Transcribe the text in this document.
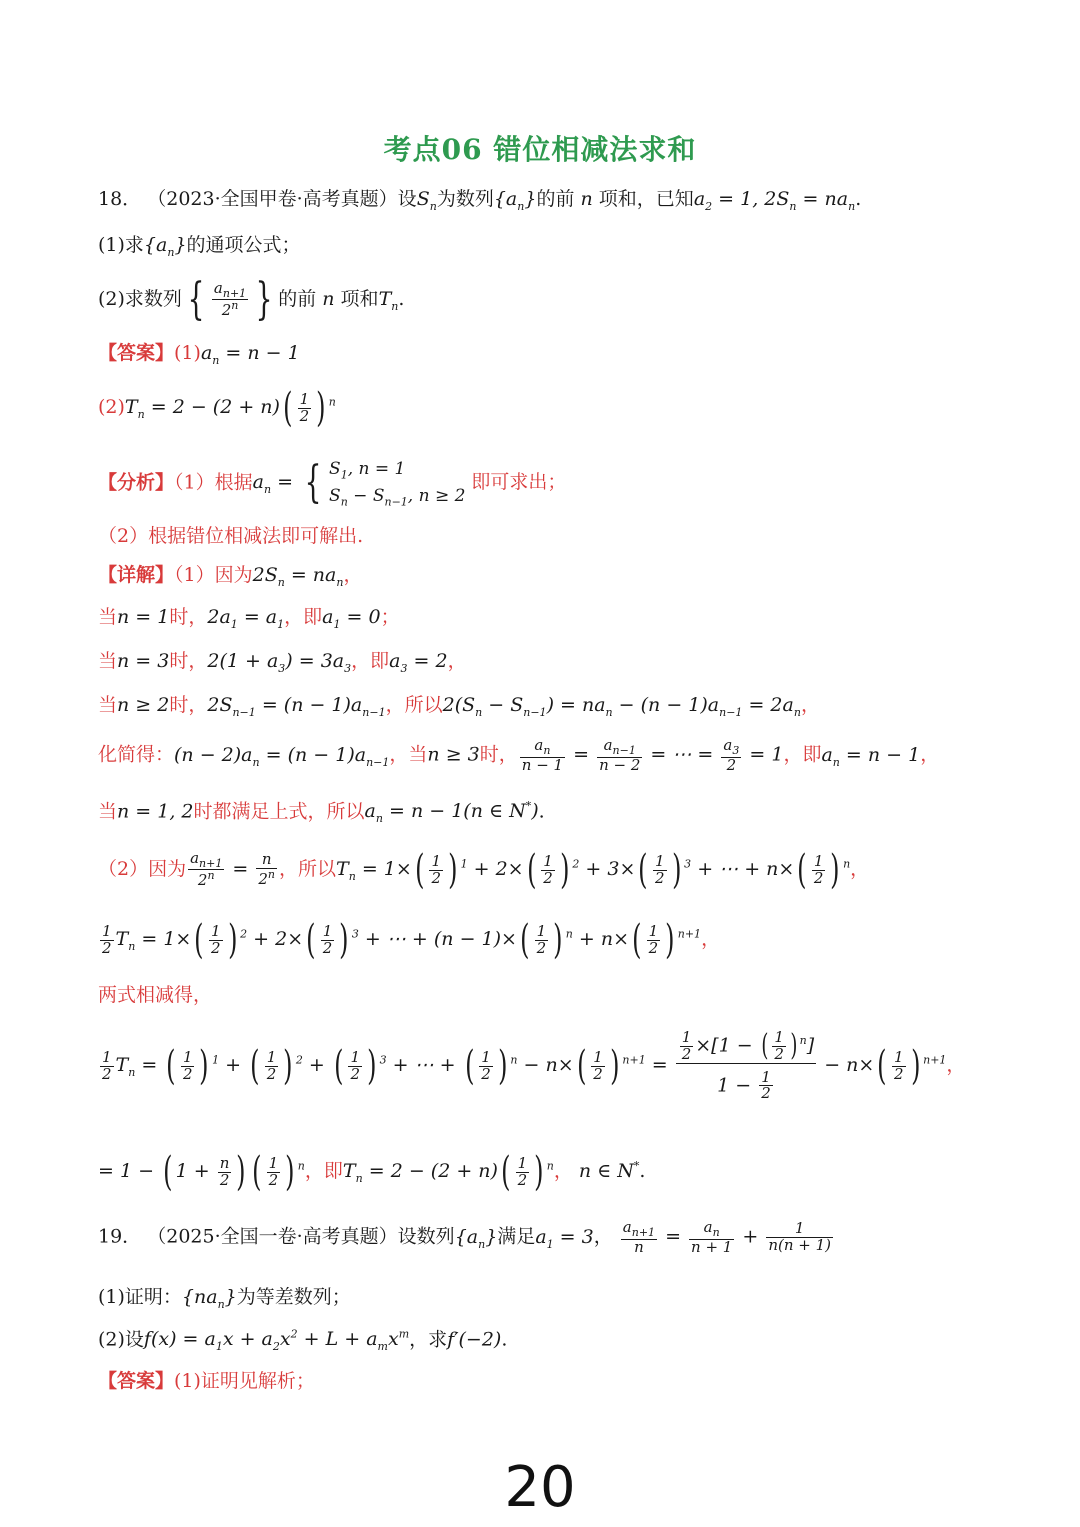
考点06 错位相减法求和
18． （2023·全国甲卷·高考真题）设$S_n$为数列$\{a_n\}$的前 n 项和，已知$a_2 = 1$, $2S_n = na_n$.
(1)求$\{a_n\}$的通项公式；
(2)求数列 { $\frac{a_{n+1}}{2^n}$ } 的前 n 项和$T_n$.
【答案】$(1)a_n = n - 1$
$(2)T_n = 2 - (2 + n)( \frac{1}{2}$ ) $^n$
【分析】（1）根据$a_n$ = { $S_1$, n = 1
$S_n - S_{n-1}$, n ≥ 2
即可求出；
（2）根据错位相减法即可解出.
【详解】（1）因为$2S_n = na_n$，
当n = 1时，$2a_1 = a_1$，即$a_1 = 0$；
当n = 3时，$2(1 + a_3) = 3a_3$，即$a_3 = 2$，
当n ≥ 2时，$2S_{n-1} = (n - 1)a_{n-1}$，所以$2(S_n - S_{n-1}) = na_n - (n - 1)a_{n-1} = 2a_n$，
化简得：$(n - 2)a_n = (n - 1)a_{n-1}$，当n ≥ 3时， $\frac{a_n}{n - 1} = \frac{a_{n-1}}{n - 2}$ = ⋯ = $\frac{a_3}{2} = 1$，即$a_n = n - 1$，
当n = 1, 2时都满足上式，所以$a_n = n - 1(n$ ∈ N*).
（2）因为 $\frac{a_{n+1}}{2^n} = \frac{n}{2^n}$ ，所以$T_n = 1\times( \frac{1}{2}$ ) $^1 + 2\times( \frac{1}{2}$ ) $^2 + 3\times( \frac{1}{2}$ ) $^3$ + ⋯ + $n\times( \frac{1}{2}$ ) $^n$，
$\frac{1}{2} T_n = 1\times( \frac{1}{2}$ ) $^2 + 2\times( \frac{1}{2}$ ) $^3$ + ⋯ + $(n - 1)\times( \frac{1}{2}$ ) $^n + n\times( \frac{1}{2}$ ) $^{n+1}$，
两式相减得，
$\frac{1}{2} T_n$ = ( $\frac{1}{2}$ ) $^1$ + ( $\frac{1}{2}$ ) $^2$ + ( $\frac{1}{2}$ ) $^3$ + ⋯ + ( $\frac{1}{2}$ ) $^n - n\times( \frac{1}{2}$ ) $^{n+1} = \frac{\frac{1}{2} \times[1 - ( \frac{1}{2} ) ^n]}{1 - \frac{1}{2}} - n\times( \frac{1}{2}$ ) $^{n+1}$，
= 1 − ( $1 + \frac{n}{2}$ ) ( $\frac{1}{2}$ ) $^n$，即$T_n = 2 - (2 + n)( \frac{1}{2}$ ) $^n$， n ∈ N*.
19． （2025·全国一卷·高考真题）设数列$\{a_n\}$满足$a_1 = 3$， $\frac{a_{n+1}}{n} = \frac{a_n}{n + 1} + \frac{1}{n(n + 1)}$
(1)证明：$\{na_n\}$为等差数列；
(2)设$f(x) = a_1x + a_2x^2 + L + a_mx^m$，求f′(−2).
【答案】(1)证明见解析；
20
